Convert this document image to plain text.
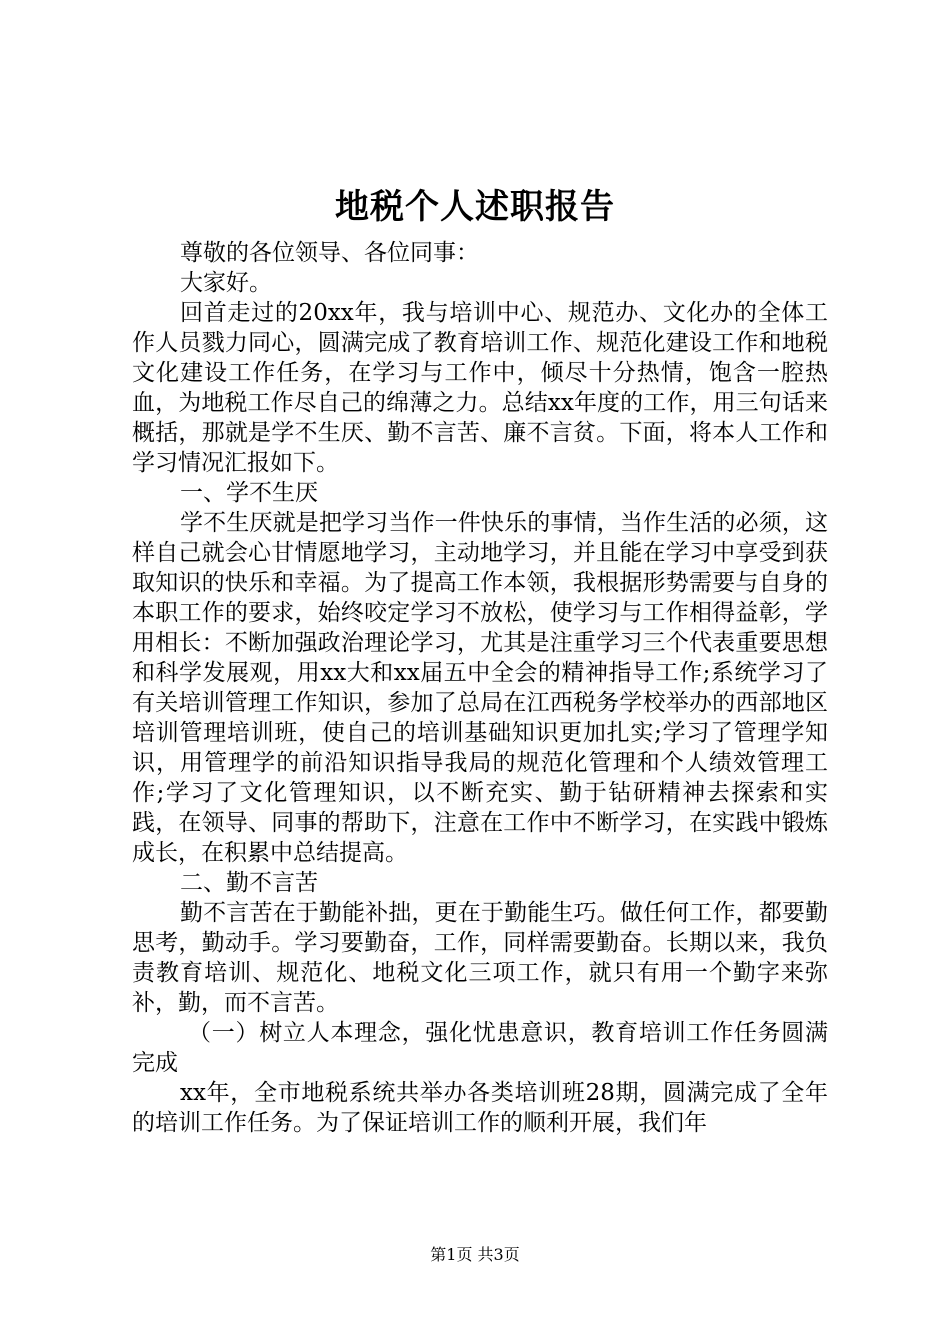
地税个人述职报告

尊敬的各位领导、各位同事：

大家好。

回首走过的20xx年，我与培训中心、规范办、文化办的全体工作人员戮力同心，圆满完成了教育培训工作、规范化建设工作和地税文化建设工作任务，在学习与工作中，倾尽十分热情，饱含一腔热血，为地税工作尽自己的绵薄之力。总结xx年度的工作，用三句话来概括，那就是学不生厌、勤不言苦、廉不言贫。下面，将本人工作和学习情况汇报如下。

一、学不生厌

学不生厌就是把学习当作一件快乐的事情，当作生活的必须，这样自己就会心甘情愿地学习，主动地学习，并且能在学习中享受到获取知识的快乐和幸福。为了提高工作本领，我根据形势需要与自身的本职工作的要求，始终咬定学习不放松，使学习与工作相得益彰，学用相长：不断加强政治理论学习，尤其是注重学习三个代表重要思想和科学发展观，用xx大和xx届五中全会的精神指导工作;系统学习了有关培训管理工作知识，参加了总局在江西税务学校举办的西部地区培训管理培训班，使自己的培训基础知识更加扎实;学习了管理学知识，用管理学的前沿知识指导我局的规范化管理和个人绩效管理工作;学习了文化管理知识，以不断充实、勤于钻研精神去探索和实践，在领导、同事的帮助下，注意在工作中不断学习，在实践中锻炼成长，在积累中总结提高。

二、勤不言苦

勤不言苦在于勤能补拙，更在于勤能生巧。做任何工作，都要勤思考，勤动手。学习要勤奋，工作，同样需要勤奋。长期以来，我负责教育培训、规范化、地税文化三项工作，就只有用一个勤字来弥补，勤，而不言苦。

（一）树立人本理念，强化忧患意识，教育培训工作任务圆满完成

xx年，全市地税系统共举办各类培训班28期，圆满完成了全年的培训工作任务。为了保证培训工作的顺利开展，我们年

第1页 共3页
